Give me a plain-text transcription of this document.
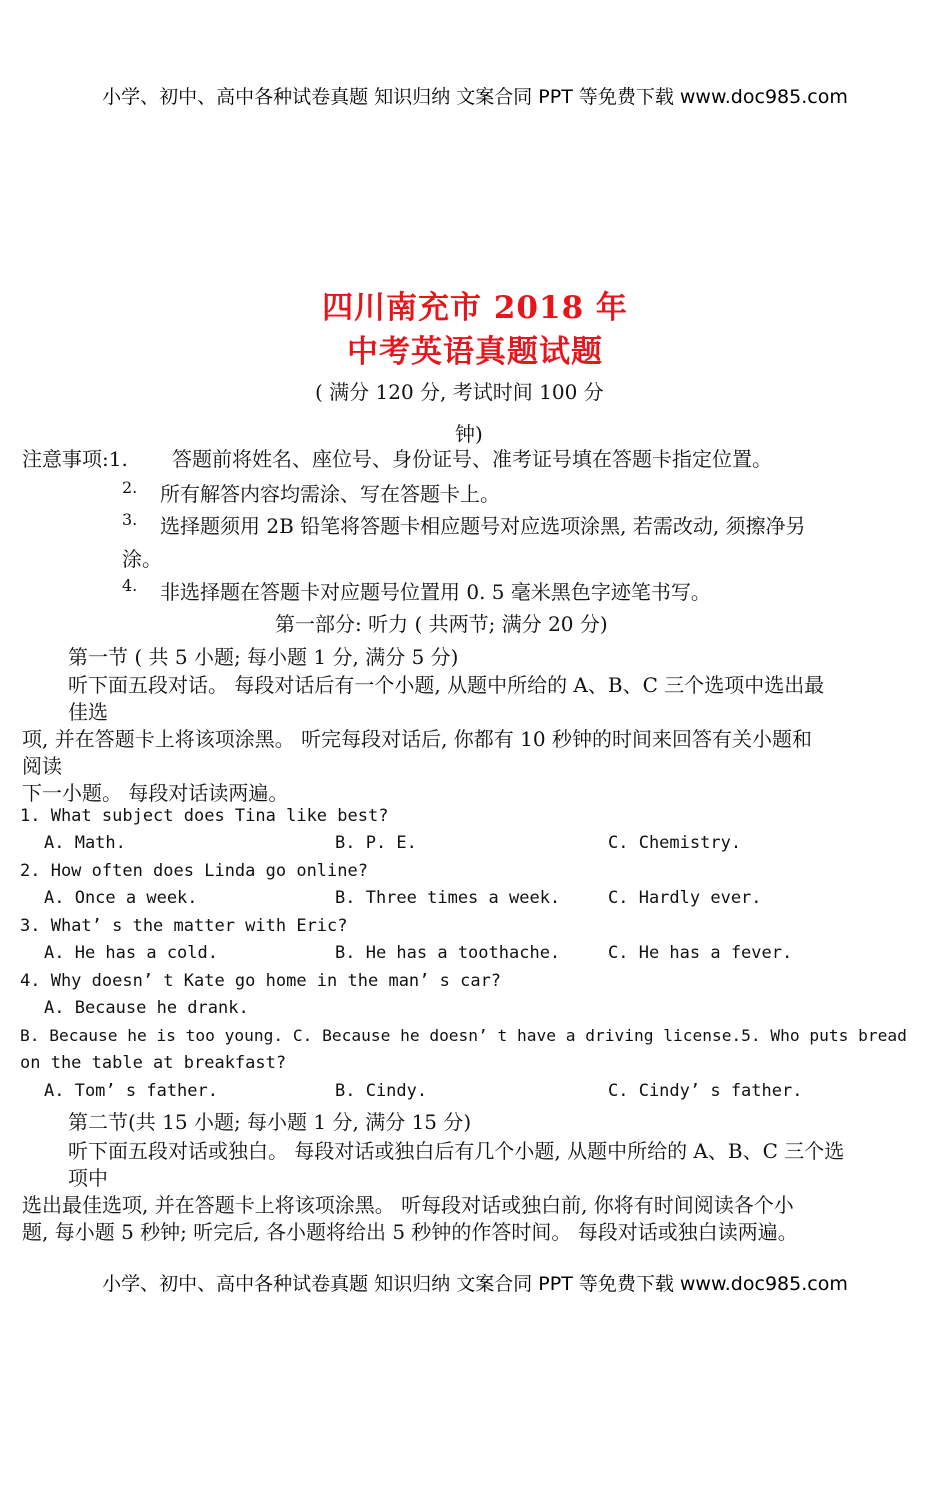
小学、初中、高中各种试卷真题 知识归纳 文案合同 PPT 等免费下载 www.doc985.com
四川南充市 2018 年
中考英语真题试题
( 满分 120 分, 考试时间 100 分
钟)
注意事项:1. 答题前将姓名、座位号、身份证号、准考证号填在答题卡指定位置。
2. 所有解答内容均需涂、写在答题卡上。
3. 选择题须用 2B 铅笔将答题卡相应题号对应选项涂黑, 若需改动, 须擦净另
涂。
4. 非选择题在答题卡对应题号位置用 0. 5 毫米黑色字迹笔书写。
第一部分: 听力 ( 共两节; 满分 20 分)
第一节 ( 共 5 小题; 每小题 1 分, 满分 5 分)
听下面五段对话。 每段对话后有一个小题, 从题中所给的 A、B、C 三个选项中选出最
佳选
项, 并在答题卡上将该项涂黑。 听完每段对话后, 你都有 10 秒钟的时间来回答有关小题和
阅读
下一小题。 每段对话读两遍。
1. What subject does Tina like best?
A. Math.	B. P. E.	C. Chemistry.
2. How often does Linda go online?
A. Once a week.	B. Three times a week.	C. Hardly ever.
3. What’ s the matter with Eric?
A. He has a cold.	B. He has a toothache.	C. He has a fever.
4. Why doesn’ t Kate go home in the man’ s car?
A. Because he drank.
B. Because he is too young. C. Because he doesn’ t have a driving license.5. Who puts bread
on the table at breakfast?
A. Tom’ s father.	B. Cindy.	C. Cindy’ s father.
第二节(共 15 小题; 每小题 1 分, 满分 15 分)
听下面五段对话或独白。 每段对话或独白后有几个小题, 从题中所给的 A、B、C 三个选
项中
选出最佳选项, 并在答题卡上将该项涂黑。 听每段对话或独白前, 你将有时间阅读各个小
题, 每小题 5 秒钟; 听完后, 各小题将给出 5 秒钟的作答时间。 每段对话或独白读两遍。
小学、初中、高中各种试卷真题 知识归纳 文案合同 PPT 等免费下载 www.doc985.com
